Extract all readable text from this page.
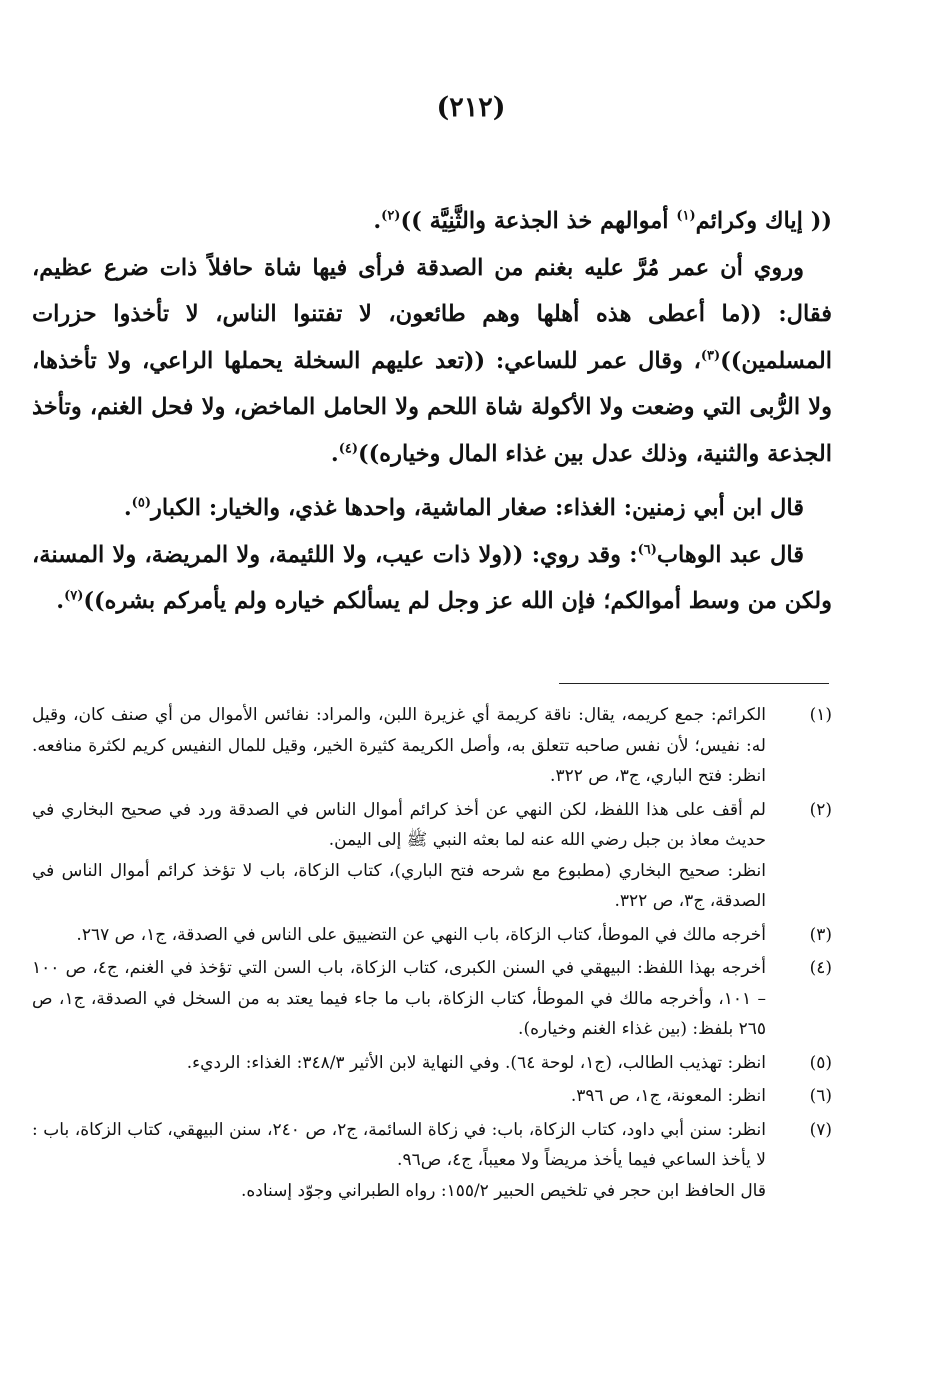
(٢١٢)

(( إياك وكرائم$^{(١)}$ أموالهم خذ الجذعة والثَّنِيَّة ))$^{(٢)}$.

وروي أن عمر مُرَّ عليه بغنم من الصدقة فرأى فيها شاة حافلاً ذات ضرع عظيم، فقال: ((ما أعطى هذه أهلها وهم طائعون، لا تفتنوا الناس، لا تأخذوا حزرات المسلمين))$^{(٣)}$، وقال عمر للساعي: ((تعد عليهم السخلة يحملها الراعي، ولا تأخذها، ولا الرُّبى التي وضعت ولا الأكولة شاة اللحم ولا الحامل الماخض، ولا فحل الغنم، وتأخذ الجذعة والثنية، وذلك عدل بين غذاء المال وخياره))$^{(٤)}$.

قال ابن أبي زمنين: الغذاء: صغار الماشية، واحدها غذي، والخيار: الكبار$^{(٥)}$.

قال عبد الوهاب$^{(٦)}$: وقد روي: ((ولا ذات عيب، ولا اللئيمة، ولا المريضة، ولا المسنة، ولكن من وسط أموالكم؛ فإن الله عز وجل لم يسألكم خياره ولم يأمركم بشره))$^{(٧)}$.

(١)
الكرائم: جمع كريمه، يقال: ناقة كريمة أي غزيرة اللبن، والمراد: نفائس الأموال من أي صنف كان، وقيل له: نفيس؛ لأن نفس صاحبه تتعلق به، وأصل الكريمة كثيرة الخير، وقيل للمال النفيس كريم لكثرة منافعه. انظر: فتح الباري، ج٣، ص ٣٢٢.
(٢)
لم أقف على هذا اللفظ، لكن النهي عن أخذ كرائم أموال الناس في الصدقة ورد في صحيح البخاري في حديث معاذ بن جبل رضي الله عنه لما بعثه النبي ﷺ إلى اليمن.
انظر: صحيح البخاري (مطبوع مع شرحه فتح الباري)، كتاب الزكاة، باب لا تؤخذ كرائم أموال الناس في الصدقة، ج٣، ص ٣٢٢.
(٣)
أخرجه مالك في الموطأ، كتاب الزكاة، باب النهي عن التضييق على الناس في الصدقة، ج١، ص ٢٦٧.
(٤)
أخرجه بهذا اللفظ: البيهقي في السنن الكبرى، كتاب الزكاة، باب السن التي تؤخذ في الغنم، ج٤، ص ١٠٠ – ١٠١، وأخرجه مالك في الموطأ، كتاب الزكاة، باب ما جاء فيما يعتد به من السخل في الصدقة، ج١، ص ٢٦٥ بلفظ: (بين غذاء الغنم وخياره).
(٥)
انظر: تهذيب الطالب، (ج١، لوحة ٦٤). وفي النهاية لابن الأثير ٣٤٨/٣: الغذاء: الرديء.
(٦)
انظر: المعونة، ج١، ص ٣٩٦.
(٧)
انظر: سنن أبي داود، كتاب الزكاة، باب: في زكاة السائمة، ج٢، ص ٢٤٠، سنن البيهقي، كتاب الزكاة، باب : لا يأخذ الساعي فيما يأخذ مريضاً ولا معيباً، ج٤، ص٩٦.
قال الحافظ ابن حجر في تلخيص الحبير ١٥٥/٢: رواه الطبراني وجوّد إسناده.
